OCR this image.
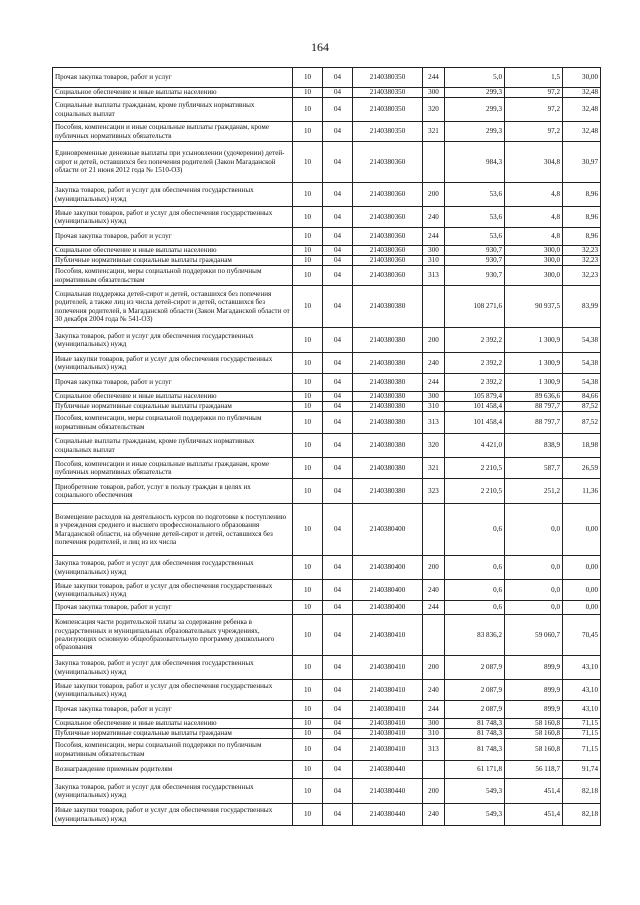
164
Прочая закупка товаров, работ и услуг	10	04	2140380350	244	5,0	1,5	30,00
Социальное обеспечение и иные выплаты населению	10	04	2140380350	300	299,3	97,2	32,48
Социальные выплаты гражданам, кроме публичных нормативных социальных выплат	10	04	2140380350	320	299,3	97,2	32,48
Пособия, компенсации и иные социальные выплаты гражданам, кроме публичных нормативных обязательств	10	04	2140380350	321	299,3	97,2	32,48
Единовременные денежные выплаты при усыновлении (удочерении) детей-сирот и детей, оставшихся без попечения родителей (Закон Магаданской области от 21 июня 2012 года № 1510-ОЗ)	10	04	2140380360		984,3	304,8	30,97
Закупка товаров, работ и услуг для обеспечения государственных (муниципальных) нужд	10	04	2140380360	200	53,6	4,8	8,96
Иные закупки товаров, работ и услуг для обеспечения государственных (муниципальных) нужд	10	04	2140380360	240	53,6	4,8	8,96
Прочая закупка товаров, работ и услуг	10	04	2140380360	244	53,6	4,8	8,96
Социальное обеспечение и иные выплаты населению	10	04	2140380360	300	930,7	300,0	32,23
Публичные нормативные социальные выплаты гражданам	10	04	2140380360	310	930,7	300,0	32,23
Пособия, компенсации, меры социальной поддержки по публичным нормативным обязательствам	10	04	2140380360	313	930,7	300,0	32,23
Социальная поддержка детей-сирот и детей, оставшихся без попечения родителей, а также лиц из числа детей-сирот и детей, оставшихся без попечения родителей, в Магаданской области (Закон Магаданской области от 30 декабря 2004 года № 541-ОЗ)	10	04	2140380380		108 271,6	90 937,5	83,99
Закупка товаров, работ и услуг для обеспечения государственных (муниципальных) нужд	10	04	2140380380	200	2 392,2	1 300,9	54,38
Иные закупки товаров, работ и услуг для обеспечения государственных (муниципальных) нужд	10	04	2140380380	240	2 392,2	1 300,9	54,38
Прочая закупка товаров, работ и услуг	10	04	2140380380	244	2 392,2	1 300,9	54,38
Социальное обеспечение и иные выплаты населению	10	04	2140380380	300	105 879,4	89 636,6	84,66
Публичные нормативные социальные выплаты гражданам	10	04	2140380380	310	101 458,4	88 797,7	87,52
Пособия, компенсации, меры социальной поддержки по публичным нормативным обязательствам	10	04	2140380380	313	101 458,4	88 797,7	87,52
Социальные выплаты гражданам, кроме публичных нормативных социальных выплат	10	04	2140380380	320	4 421,0	838,9	18,98
Пособия, компенсации и иные социальные выплаты гражданам, кроме публичных нормативных обязательств	10	04	2140380380	321	2 210,5	587,7	26,59
Приобретение товаров, работ, услуг в пользу граждан в целях их социального обеспечения	10	04	2140380380	323	2 210,5	251,2	11,36
Возмещение расходов на деятельность курсов по подготовке к поступлению в учреждения среднего и высшего профессионального образования Магаданской области, на обучение детей-сирот и детей, оставшихся без попечения родителей, и лиц из их числа	10	04	2140380400		0,6	0,0	0,00
Закупка товаров, работ и услуг для обеспечения государственных (муниципальных) нужд	10	04	2140380400	200	0,6	0,0	0,00
Иные закупки товаров, работ и услуг для обеспечения государственных (муниципальных) нужд	10	04	2140380400	240	0,6	0,0	0,00
Прочая закупка товаров, работ и услуг	10	04	2140380400	244	0,6	0,0	0,00
Компенсация части родительской платы за содержание ребенка в государственных и муниципальных образовательных учреждениях, реализующих основную общеобразовательную программу дошкольного образования	10	04	2140380410		83 836,2	59 060,7	70,45
Закупка товаров, работ и услуг для обеспечения государственных (муниципальных) нужд	10	04	2140380410	200	2 087,9	899,9	43,10
Иные закупки товаров, работ и услуг для обеспечения государственных (муниципальных) нужд	10	04	2140380410	240	2 087,9	899,9	43,10
Прочая закупка товаров, работ и услуг	10	04	2140380410	244	2 087,9	899,9	43,10
Социальное обеспечение и иные выплаты населению	10	04	2140380410	300	81 748,3	58 160,8	71,15
Публичные нормативные социальные выплаты гражданам	10	04	2140380410	310	81 748,3	58 160,8	71,15
Пособия, компенсации, меры социальной поддержки по публичным нормативным обязательствам	10	04	2140380410	313	81 748,3	58 160,8	71,15
Вознаграждение приемным родителям	10	04	2140380440		61 171,8	56 118,7	91,74
Закупка товаров, работ и услуг для обеспечения государственных (муниципальных) нужд	10	04	2140380440	200	549,3	451,4	82,18
Иные закупки товаров, работ и услуг для обеспечения государственных (муниципальных) нужд	10	04	2140380440	240	549,3	451,4	82,18
